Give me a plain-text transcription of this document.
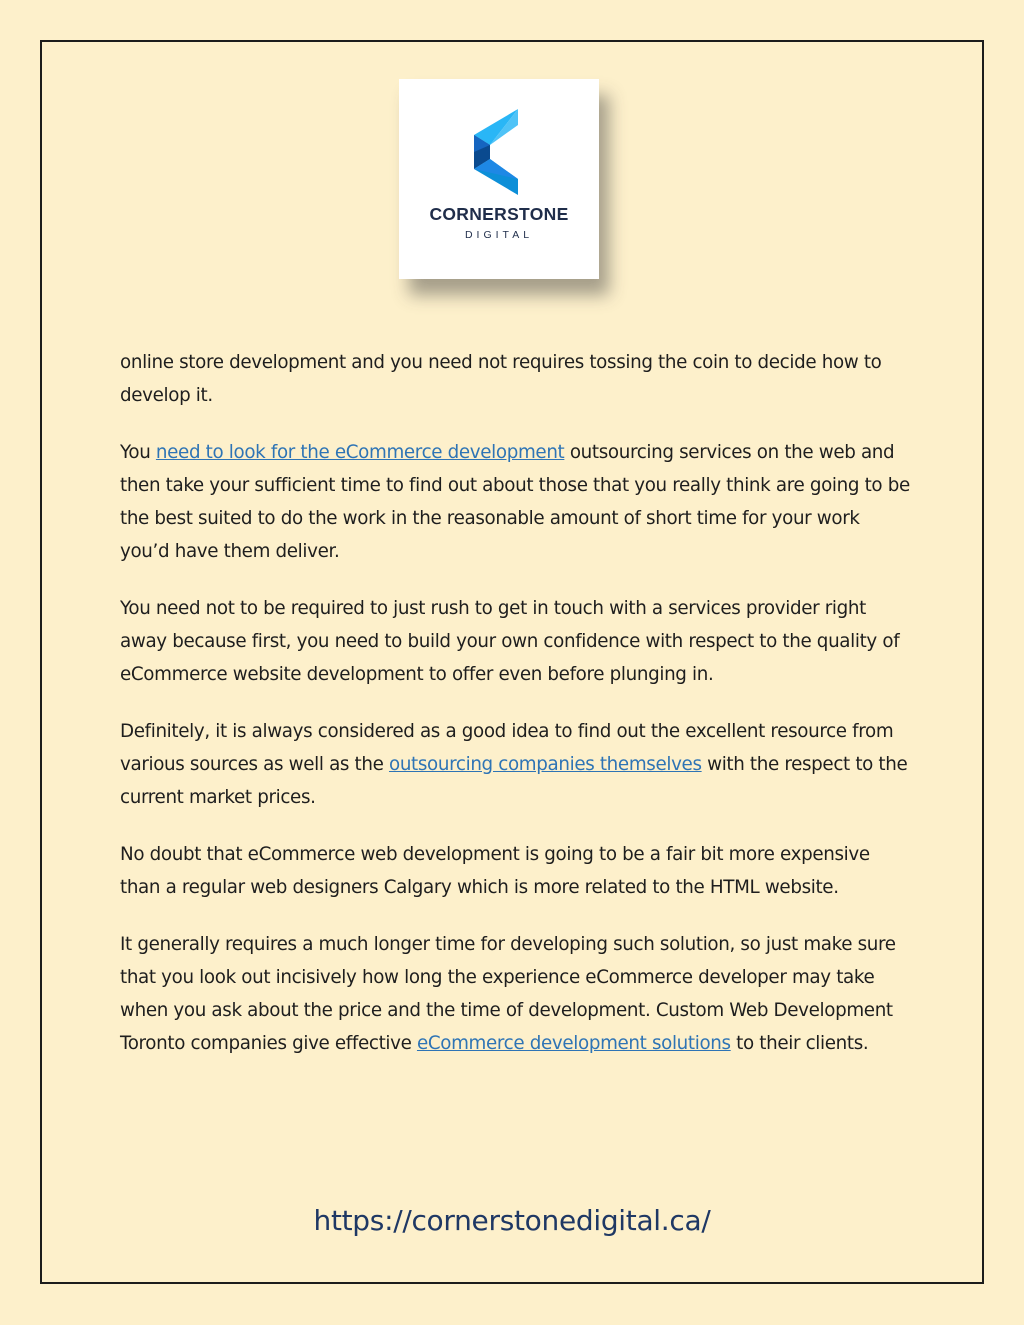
CORNERSTONE
DIGITAL

online store development and you need not requires tossing the coin to decide how to develop it.

You need to look for the eCommerce development outsourcing services on the web and then take your sufficient time to find out about those that you really think are going to be the best suited to do the work in the reasonable amount of short time for your work you’d have them deliver.

You need not to be required to just rush to get in touch with a services provider right away because first, you need to build your own confidence with respect to the quality of eCommerce website development to offer even before plunging in.

Definitely, it is always considered as a good idea to find out the excellent resource from various sources as well as the outsourcing companies themselves with the respect to the current market prices.

No doubt that eCommerce web development is going to be a fair bit more expensive than a regular web designers Calgary which is more related to the HTML website.

It generally requires a much longer time for developing such solution, so just make sure that you look out incisively how long the experience eCommerce developer may take when you ask about the price and the time of development. Custom Web Development Toronto companies give effective eCommerce development solutions to their clients.

https://cornerstonedigital.ca/
